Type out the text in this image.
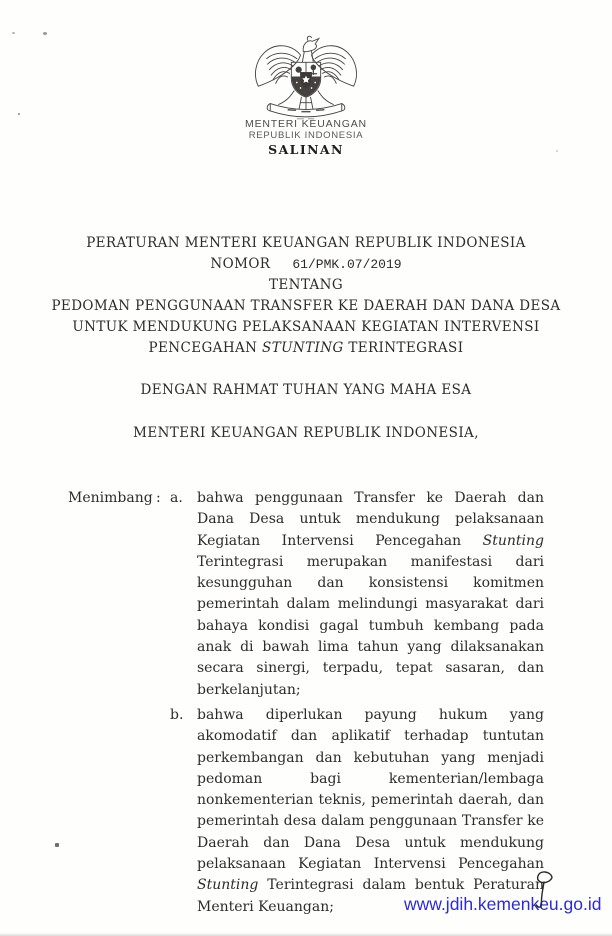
MENTERI KEUANGAN
REPUBLIK INDONESIA
SALINAN
PERATURAN MENTERI KEUANGAN REPUBLIK INDONESIA
NOMOR 61/PMK.07/2019
TENTANG
PEDOMAN PENGGUNAAN TRANSFER KE DAERAH DAN DANA DESA
UNTUK MENDUKUNG PELAKSANAAN KEGIATAN INTERVENSI
PENCEGAHAN STUNTING TERINTEGRASI
DENGAN RAHMAT TUHAN YANG MAHA ESA
MENTERI KEUANGAN REPUBLIK INDONESIA,
Menimbang : a.	bahwa penggunaan Transfer ke Daerah dan Dana Desa untuk mendukung pelaksanaan Kegiatan Intervensi Pencegahan Stunting Terintegrasi merupakan manifestasi dari kesungguhan dan konsistensi komitmen pemerintah dalam melindungi masyarakat dari bahaya kondisi gagal tumbuh kembang pada anak di bawah lima tahun yang dilaksanakan secara sinergi, terpadu, tepat sasaran, dan berkelanjutan;
b. bahwa diperlukan payung hukum yang akomodatif dan aplikatif terhadap tuntutan perkembangan dan kebutuhan yang menjadi pedoman bagi kementerian/lembaga nonkementerian teknis, pemerintah daerah, dan pemerintah desa dalam penggunaan Transfer ke Daerah dan Dana Desa untuk mendukung pelaksanaan Kegiatan Intervensi Pencegahan Stunting Terintegrasi dalam bentuk Peraturan Menteri Keuangan;	www.jdih.kemenkeu.go.id
